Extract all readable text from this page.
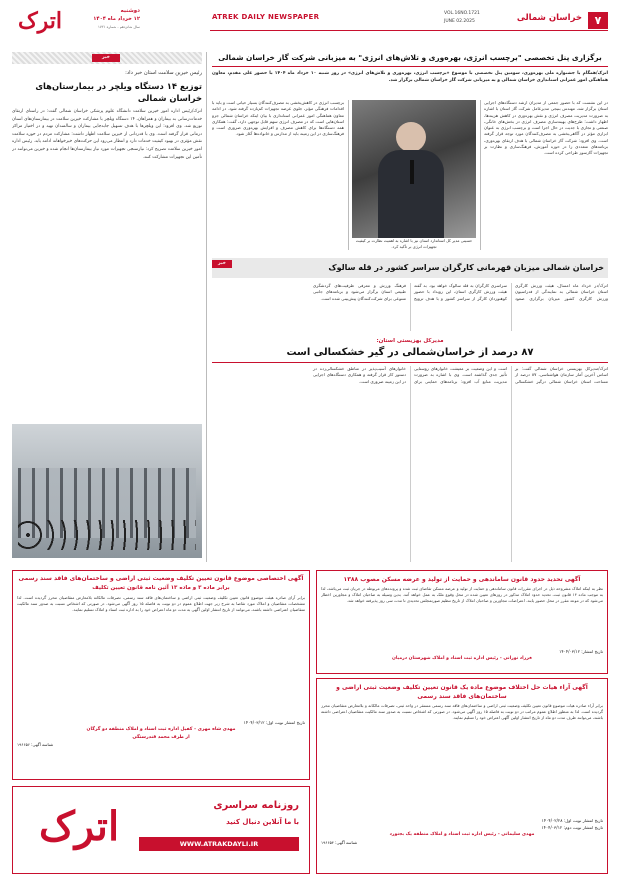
۷
خراسان شمالی
VOL.16NO.1721
JUNE 02.2025
ATREK DAILY NEWSPAPER
اترک	دوشنبه
۱۲ خرداد ماه ۱۴۰۴
سال شانزدهم - شماره ۱۷۲۱
برگزاری پنل تخصصی "برچسب انرژی، بهره‌وری و تلاش‌های انرژی" به میزبانی شرکت گاز خراسان شمالی
اترک/همگام با جشنواره ملی بهره‌وری، سومین پنل تخصصی با موضوع «برچسب انرژی، بهره‌وری و تلاش‌های انرژی» در روز شنبه ۱۰ خرداد ماه ۱۴۰۴ با حضور علی مقدم، معاون هماهنگی امور عمرانی استانداری خراسان شمالی و به میزبانی شرکت گاز خراسان شمالی برگزار شد.
در این نشست که با حضور جمعی از مدیران ارشد دستگاه‌های اجرایی استان برگزار شد، مهندس بنیجی مدیرعامل شرکت گاز استان با اشاره به ضرورت مدیریت مصرف انرژی و نقش بهره‌وری در کاهش هزینه‌ها، اظهار داشت: طرح‌های بهینه‌سازی مصرف انرژی در بخش‌های خانگی، صنعتی و تجاری با جدیت در حال اجرا است و برچسب انرژی به عنوان ابزاری مؤثر در آگاهی‌بخشی به مصرف‌کنندگان مورد توجه قرار گرفته است. وی افزود: شرکت گاز خراسان شمالی با هدف ارتقای بهره‌وری، برنامه‌های متعددی را در حوزه آموزش، فرهنگ‌سازی و نظارت بر تجهیزات گازسوز طراحی کرده است.
حسینی مدیر کل استاندارد استان نیز با اشاره به اهمیت نظارت بر کیفیت تجهیزات انرژی بر تأکید کرد.
برچسب انرژی در کاهش‌بخشی به مصرف‌کنندگان بسیار حیاتی است و باید با اقدامات فرهنگی مؤثر، جلوی عرضه تجهیزات کم‌بازده گرفته شود. در ادامه معاون هماهنگی امور عمرانی استانداری با بیان اینکه خراسان شمالی جزو استان‌هایی است که در مصرف انرژی سهم قابل توجهی دارد، گفت: همکاری همه دستگاه‌ها برای کاهش مصرف و افزایش بهره‌وری ضروری است و فرهنگ‌سازی در این زمینه باید از مدارس و خانواده‌ها آغاز شود.
خبر	خراسان شمالی میزبان قهرمانی کارگران سراسر کشور در قله سالوک
اترک/در خرداد ماه امسال، هیئت ورزش کارگری استان خراسان شمالی به نمایندگی از فدراسیون ورزش کارگری کشور میزبان برگزاری صعود سراسری کارگران به قله سالوک خواهد بود. به گفته هیئت ورزش کارگری استان، این رویداد با حضور کوهنوردان کارگر از سراسر کشور و با هدف ترویج فرهنگ ورزش و معرفی ظرفیت‌های گردشگری طبیعی استان برگزار می‌شود و برنامه‌های جانبی متنوعی برای شرکت‌کنندگان پیش‌بینی شده است.
مدیرکل بهزیستی استان:
۸۷ درصد از خراسان‌شمالی در گیر خشکسالی است
اترک/مدیرکل بهزیستی خراسان شمالی گفت: بر اساس آخرین آمار سازمان هواشناسی، ۸۷ درصد از مساحت استان خراسان شمالی درگیر خشکسالی است و این وضعیت بر معیشت خانوارهای روستایی تأثیر جدی گذاشته است. وی با اشاره به ضرورت مدیریت منابع آب افزود: برنامه‌های حمایتی برای خانوارهای آسیب‌پذیر در مناطق خشکسالی‌زده در دستور کار قرار گرفته و همکاری دستگاه‌های اجرایی در این زمینه ضروری است.
خبر
رئیس خیرین سلامت استان خبر داد:
توزیع ۱۴ دستگاه ویلچر در بیمارستان‌های خراسان شمالی
اترک/رئیس اداره امور خیرین سلامت دانشگاه علوم پزشکی خراسان شمالی گفت: در راستای ارتقای خدمات‌رسانی به بیماران و همراهان، ۱۴ دستگاه ویلچر با مشارکت خیرین سلامت در بیمارستان‌های استان توزیع شد. وی افزود: این ویلچرها با هدف تسهیل جابه‌جایی بیماران و سالمندان تهیه و در اختیار مراکز درمانی قرار گرفته است. وی با قدردانی از خیرین سلامت اظهار داشت: مشارکت مردم در حوزه سلامت نقش مؤثری در بهبود کیفیت خدمات دارد و انتظار می‌رود این حرکت‌های خیرخواهانه ادامه یابد. رئیس اداره امور خیرین سلامت تصریح کرد: نیازسنجی تجهیزات مورد نیاز بیمارستان‌ها انجام شده و خیرین می‌توانند در تأمین این تجهیزات مشارکت کنند.
آگهی اختصاصی موضوع قانون تعیین تکلیف وضعیت ثبتی اراضی و ساختمان‌های فاقد سند رسمی
برابر ماده ۳ و ماده ۱۳ آئین نامه قانون تعیین تکلیف
برابر آرای صادره هیئت موضوع قانون تعیین تکلیف وضعیت ثبتی اراضی و ساختمان‌های فاقد سند رسمی، تصرفات مالکانه بلامعارض متقاضیان محرز گردیده است. لذا مشخصات متقاضیان و املاک مورد تقاضا به شرح زیر جهت اطلاع عموم در دو نوبت به فاصله ۱۵ روز آگهی می‌شود. در صورتی که اشخاص نسبت به صدور سند مالکیت متقاضیان اعتراضی داشته باشند، می‌توانند از تاریخ انتشار اولین آگهی به مدت دو ماه اعتراض خود را به اداره ثبت اسناد و املاک تسلیم نمایند.
تاریخ انتشار نوبت اول: ۱۴۰۴/۰۳/۱۲
مهدی شاه مهری - کفیل اداره ثبت اسناد و املاک منطقه دو گرگان
از طرف محمد قندرستگی
شناسه آگهی: ۱۹۶۶۵۶
آگهی تحدید حدود قانون ساماندهی و حمایت از تولید و عرضه مسکن مصوب ۱۳۸۸
نظر به اینکه املاک مشروحه ذیل در اجرای مقررات قانون ساماندهی و حمایت از تولید و عرضه مسکن تقاضای ثبت شده و پرونده‌های مربوطه در جریان ثبت می‌باشد، لذا به موجب ماده ۱۴ قانون ثبت، تحدید حدود املاک مذکور در روزهای تعیین شده در محل وقوع ملک به عمل خواهد آمد. بدین وسیله به صاحبان املاک و مجاورین اخطار می‌شود که در موعد مقرر در محل حضور یابند. اعتراضات مجاورین و صاحبان املاک از تاریخ تنظیم صورتمجلس تحدیدی تا مدت سی روز پذیرفته خواهد شد.
تاریخ انتشار: ۱۴۰۴/۰۳/۱۲
فرزاد نورانی - رئیس اداره ثبت اسناد و املاک شهرستان درمیان
آگهی آراء هیات حل اختلاف موضوع ماده یک قانون تعیین تکلیف وضعیت ثبتی اراضی و ساختمان‌های فاقد سند رسمی
برابر آراء صادره هیات موضوع قانون تعیین تکلیف وضعیت ثبتی اراضی و ساختمان‌های فاقد سند رسمی مستقر در واحد ثبتی، تصرفات مالکانه و بلامعارض متقاضیان محرز گردیده است. لذا به منظور اطلاع عموم مراتب در دو نوبت به فاصله ۱۵ روز آگهی می‌شود. در صورتی که اشخاص نسبت به صدور سند مالکیت متقاضیان اعتراضی داشته باشند، می‌توانند ظرف مدت دو ماه از تاریخ انتشار اولین آگهی اعتراض خود را تسلیم نمایند.
تاریخ انتشار نوبت اول: ۱۴۰۴/۰۲/۲۸
تاریخ انتشار نوبت دوم: ۱۴۰۴/۰۳/۱۲
مهدی سلیمانی - رئیس اداره ثبت اسناد و املاک منطقه یک بجنورد
شناسه آگهی: ۱۹۶۶۵۴
اترک	روزنامه سراسری
با ما آنلاین دنبال کنید
WWW.ATRAKDAYLI.IR
